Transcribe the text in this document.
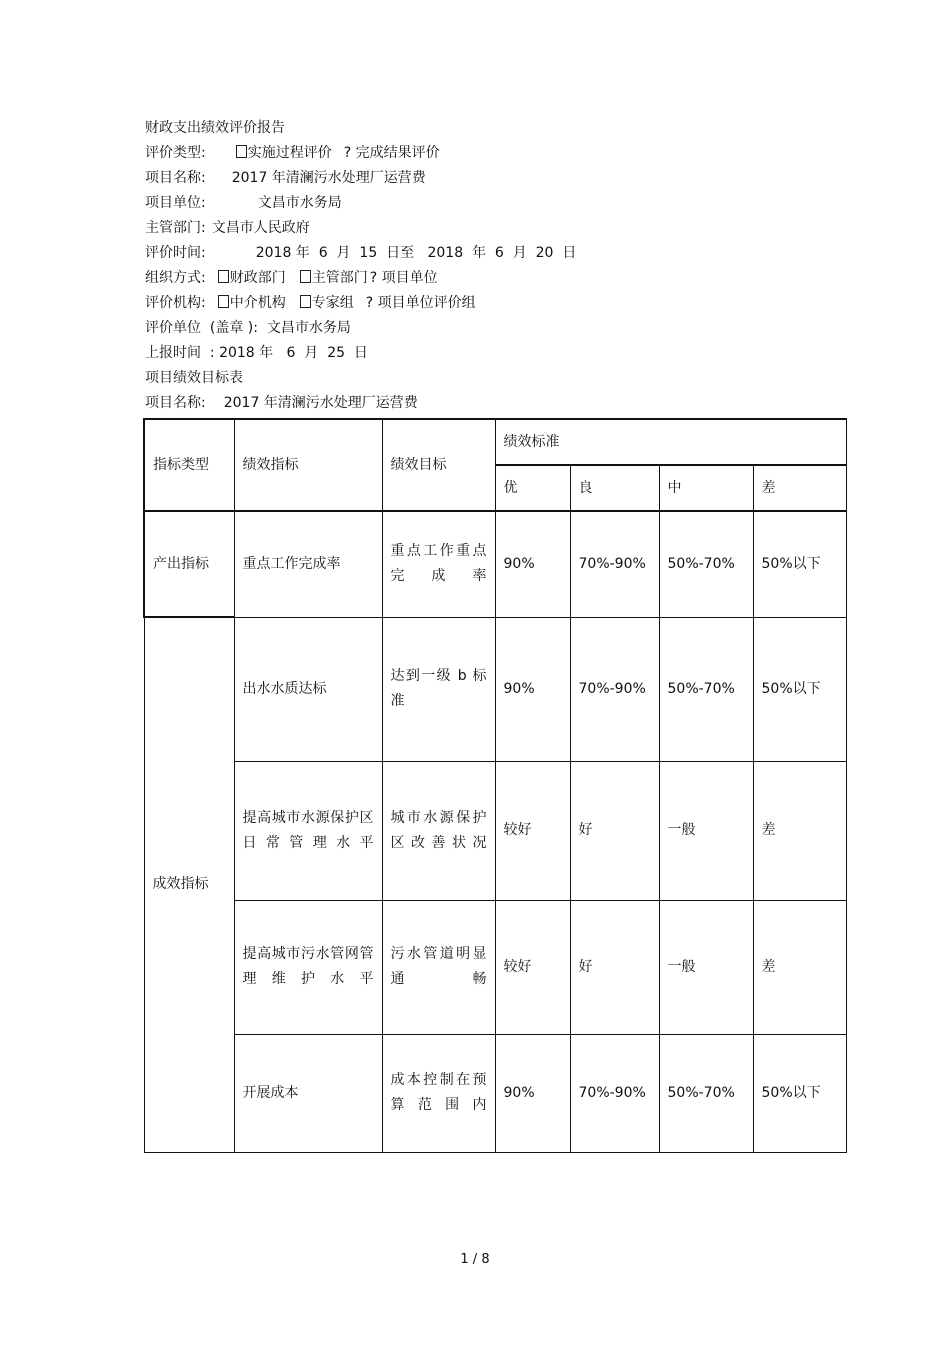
财政支出绩效评价报告
评价类型:	实施过程评价 ? 完成结果评价
项目名称: 2017 年清澜污水处理厂运营费
项目单位:	文昌市水务局
主管部门: 文昌市人民政府
评价时间:	2018 年  6  月  15  日至   2018  年  6  月  20  日
组织方式: 财政部门 主管部门 ? 项目单位
评价机构: 中介机构 专家组 ? 项目单位评价组
评价单位  (盖章 ):  文昌市水务局
上报时间  : 2018 年   6  月  25  日
项目绩效目标表
项目名称: 2017 年清澜污水处理厂运营费
指标类型	绩效指标	绩效目标	绩效标准			
			优	良	中	差
产出指标	重点工作完成率	重点工作重点完成率	90%	70%-90%	50%-70%	50%以下
成效指标	出水水质达标	达到一级 b 标准	90%	70%-90%	50%-70%	50%以下
	提高城市水源保护区日常管理水平	城市水源保护区改善状况	较好	好	一般	差
	提高城市污水管网管理维护水平	污水管道明显通畅	较好	好	一般	差
	开展成本	成本控制在预算范围内	90%	70%-90%	50%-70%	50%以下
1 / 8
